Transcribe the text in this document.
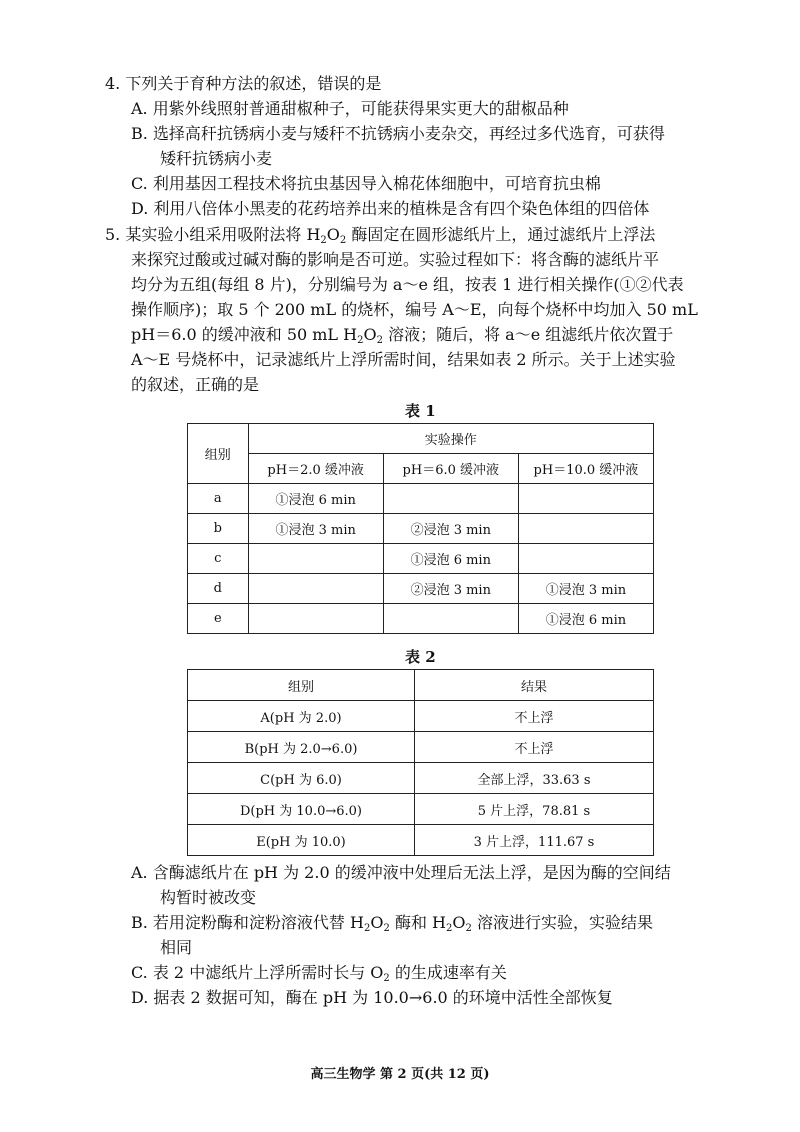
4. 下列关于育种方法的叙述，错误的是
A. 用紫外线照射普通甜椒种子，可能获得果实更大的甜椒品种
B. 选择高秆抗锈病小麦与矮秆不抗锈病小麦杂交，再经过多代选育，可获得
矮秆抗锈病小麦
C. 利用基因工程技术将抗虫基因导入棉花体细胞中，可培育抗虫棉
D. 利用八倍体小黑麦的花药培养出来的植株是含有四个染色体组的四倍体
5. 某实验小组采用吸附法将 H2O2 酶固定在圆形滤纸片上，通过滤纸片上浮法
来探究过酸或过碱对酶的影响是否可逆。实验过程如下：将含酶的滤纸片平
均分为五组(每组 8 片)，分别编号为 a～e 组，按表 1 进行相关操作(①②代表
操作顺序)；取 5 个 200 mL 的烧杯，编号 A～E，向每个烧杯中均加入 50 mL
pH＝6.0 的缓冲液和 50 mL H2O2 溶液；随后，将 a～e 组滤纸片依次置于
A～E 号烧杯中，记录滤纸片上浮所需时间，结果如表 2 所示。关于上述实验
的叙述，正确的是
表 1
组别	实验操作		
	pH＝2.0 缓冲液	pH＝6.0 缓冲液	pH＝10.0 缓冲液
a	①浸泡 6 min		
b	①浸泡 3 min	②浸泡 3 min	
c		①浸泡 6 min	
d		②浸泡 3 min	①浸泡 3 min
e			①浸泡 6 min
表 2
组别	结果
A(pH 为 2.0)	不上浮
B(pH 为 2.0→6.0)	不上浮
C(pH 为 6.0)	全部上浮，33.63 s
D(pH 为 10.0→6.0)	5 片上浮，78.81 s
E(pH 为 10.0)	3 片上浮，111.67 s
A. 含酶滤纸片在 pH 为 2.0 的缓冲液中处理后无法上浮，是因为酶的空间结
构暂时被改变
B. 若用淀粉酶和淀粉溶液代替 H2O2 酶和 H2O2 溶液进行实验，实验结果
相同
C. 表 2 中滤纸片上浮所需时长与 O2 的生成速率有关
D. 据表 2 数据可知，酶在 pH 为 10.0→6.0 的环境中活性全部恢复
高三生物学 第 2 页(共 12 页)
